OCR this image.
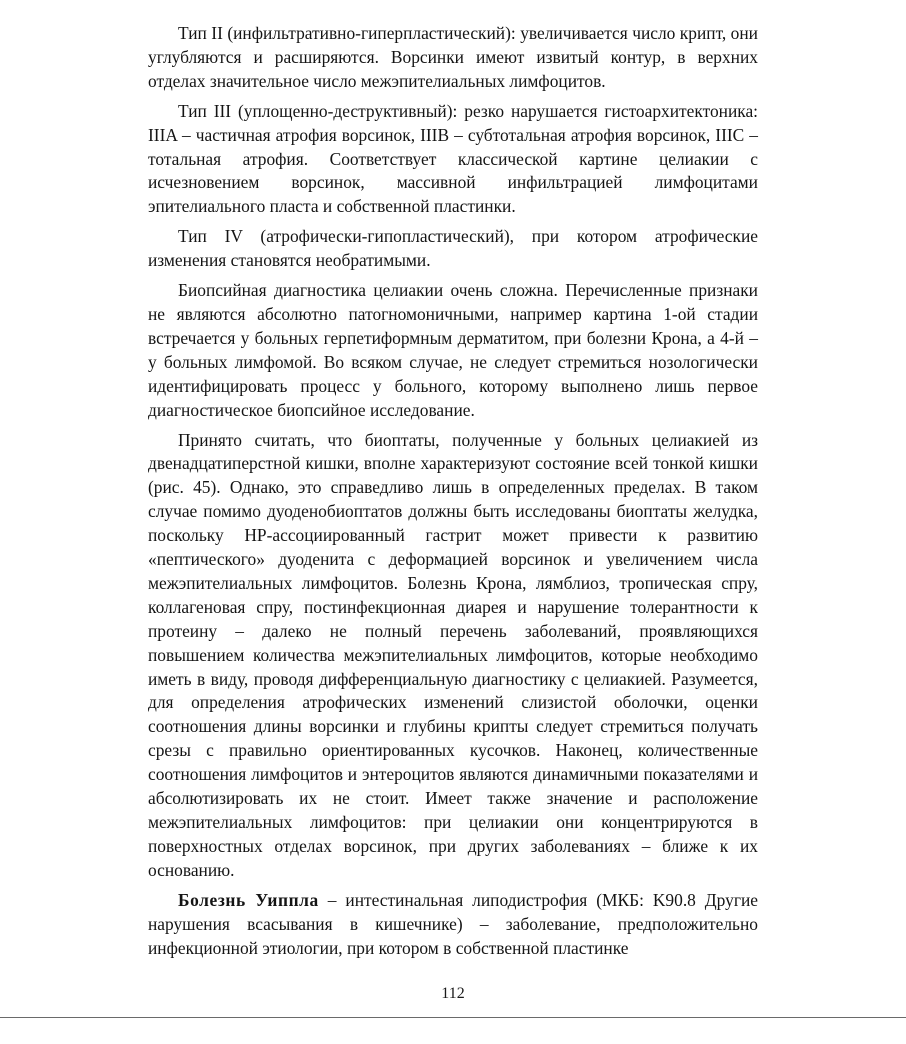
Тип II (инфильтративно-гиперпластический): увеличивается число крипт, они углубляются и расширяются. Ворсинки имеют извитый контур, в верхних отделах значительное число межэпителиальных лимфоцитов.

Тип III (уплощенно-деструктивный): резко нарушается гистоархитектоника: IIIA – частичная атрофия ворсинок, IIIB – субтотальная атрофия ворсинок, IIIC – тотальная атрофия. Соответствует классической картине целиакии с исчезновением ворсинок, массивной инфильтрацией лимфоцитами эпителиального пласта и собственной пластинки.

Тип IV (атрофически-гипопластический), при котором атрофические изменения становятся необратимыми.

Биопсийная диагностика целиакии очень сложна. Перечисленные признаки не являются абсолютно патогномоничными, например картина 1-ой стадии встречается у больных герпетиформным дерматитом, при болезни Крона, а 4-й – у больных лимфомой. Во всяком случае, не следует стремиться нозологически идентифицировать процесс у больного, которому выполнено лишь первое диагностическое биопсийное исследование.

Принято считать, что биоптаты, полученные у больных целиакией из двенадцатиперстной кишки, вполне характеризуют состояние всей тонкой кишки (рис. 45). Однако, это справедливо лишь в определенных пределах. В таком случае помимо дуоденобиоптатов должны быть исследованы биоптаты желудка, поскольку НР-ассоциированный гастрит может привести к развитию «пептического» дуоденита с деформацией ворсинок и увеличением числа межэпителиальных лимфоцитов. Болезнь Крона, лямблиоз, тропическая спру, коллагеновая спру, постинфекционная диарея и нарушение толерантности к протеину – далеко не полный перечень заболеваний, проявляющихся повышением количества межэпителиальных лимфоцитов, которые необходимо иметь в виду, проводя дифференциальную диагностику с целиакией. Разумеется, для определения атрофических изменений слизистой оболочки, оценки соотношения длины ворсинки и глубины крипты следует стремиться получать срезы с правильно ориентированных кусочков. Наконец, количественные соотношения лимфоцитов и энтероцитов являются динамичными показателями и абсолютизировать их не стоит. Имеет также значение и расположение межэпителиальных лимфоцитов: при целиакии они концентрируются в поверхностных отделах ворсинок, при других заболеваниях – ближе к их основанию.

Болезнь Уиппла – интестинальная липодистрофия (МКБ: K90.8 Другие нарушения всасывания в кишечнике) – заболевание, предположительно инфекционной этиологии, при котором в собственной пластинке

112
